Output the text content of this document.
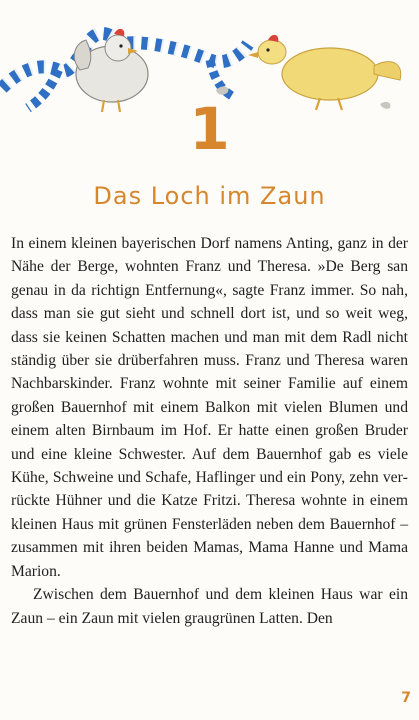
1
Das Loch im Zaun

In einem kleinen bayerischen Dorf namens Anting, ganz in der Nähe der Berge, wohnten Franz und Theresa. »De Berg san genau in da richtign Entfernung«, sagte Franz immer. So nah, dass man sie gut sieht und schnell dort ist, und so weit weg, dass sie keinen Schatten machen und man mit dem Radl nicht ständig über sie drüberfahren muss. Franz und Theresa waren Nachbarskinder. Franz wohnte mit seiner Familie auf einem großen Bauernhof mit einem Balkon mit vielen Blumen und einem alten Birnbaum im Hof. Er hatte einen großen Bruder und eine kleine Schwester. Auf dem Bauernhof gab es viele Kühe, Schweine und Schafe, Haflinger und ein Pony, zehn verrückte Hühner und die Katze Fritzi. Theresa wohnte in einem kleinen Haus mit grünen Fensterläden neben dem Bauernhof – zusammen mit ihren beiden Mamas, Mama Hanne und Mama Marion.

Zwischen dem Bauernhof und dem kleinen Haus war ein Zaun – ein Zaun mit vielen graugrünen Latten. Den

7
